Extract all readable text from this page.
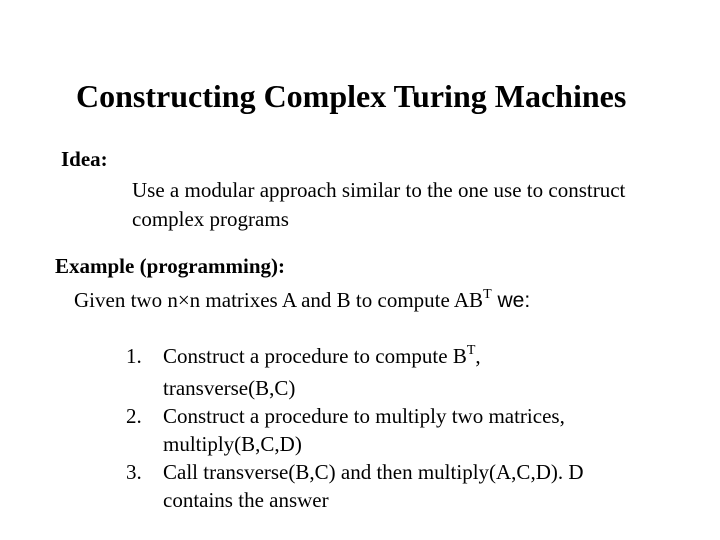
Constructing Complex Turing Machines
Idea:
Use a modular approach similar to the one use to construct complex programs
Example (programming):
Given two n×n matrixes A and B to compute $AB^T$ we:
1. Construct a procedure to compute $B^T$,
transverse(B,C)
2. Construct a procedure to multiply two matrices,
multiply(B,C,D)
3. Call transverse(B,C) and then multiply(A,C,D). D
contains the answer
